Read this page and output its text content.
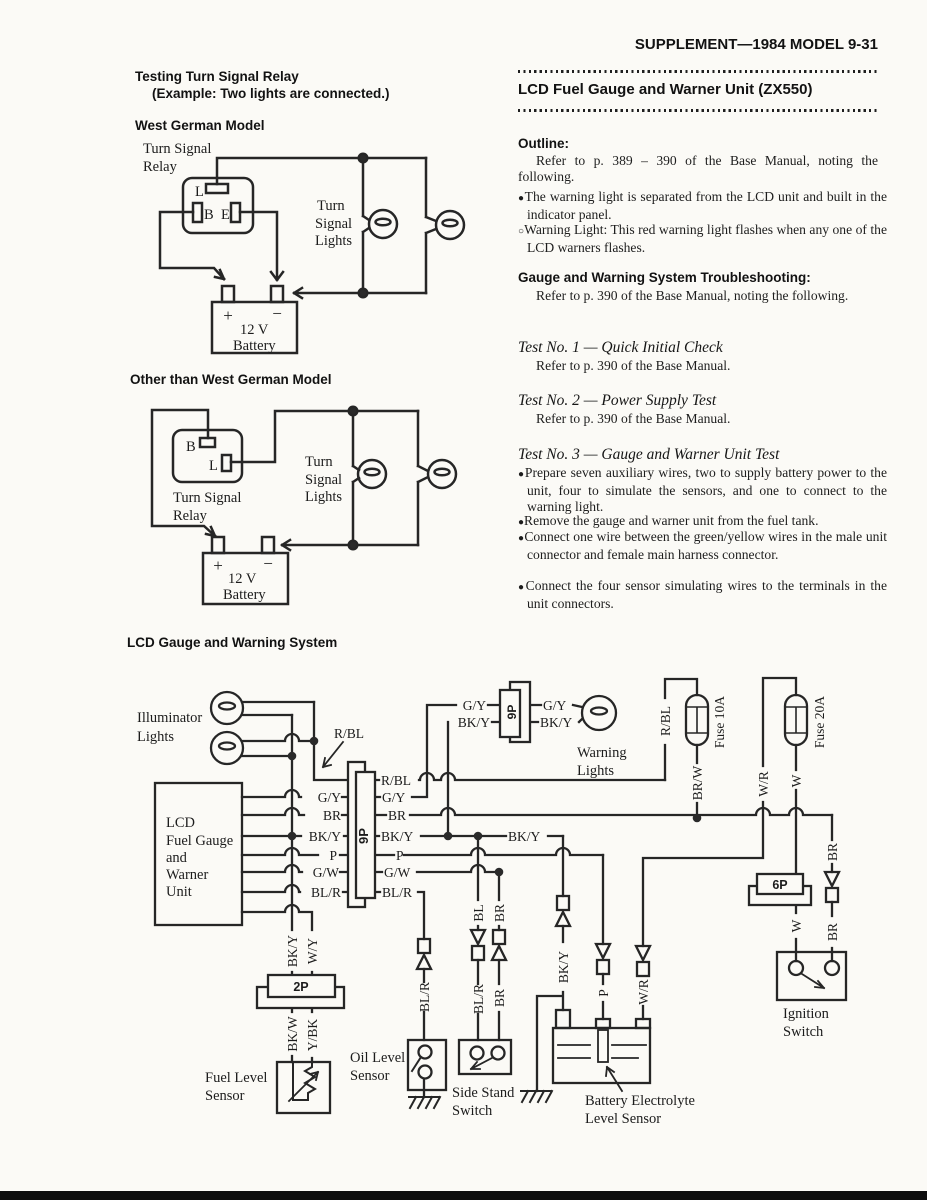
SUPPLEMENT—1984 MODEL 9-31
LCD Fuel Gauge and Warner Unit (ZX550)
Outline:
Refer to p. 389 – 390 of the Base Manual, noting the following.
●The warning light is separated from the LCD unit and built in the indicator panel.
○Warning Light: This red warning light flashes when any one of the LCD warners flashes.
Gauge and Warning System Troubleshooting:
Refer to p. 390 of the Base Manual, noting the following.
Test No. 1 — Quick Initial Check
Refer to p. 390 of the Base Manual.
Test No. 2 — Power Supply Test
Refer to p. 390 of the Base Manual.
Test No. 3 — Gauge and Warner Unit Test
●Prepare seven auxiliary wires, two to supply battery power to the unit, four to simulate the sensors, and one to connect to the warning light.
●Remove the gauge and warner unit from the fuel tank.
●Connect one wire between the green/yellow wires in the male unit connector and female main harness connector.
●Connect the four sensor simulating wires to the terminals in the unit connectors.
Testing Turn Signal Relay
(Example: Two lights are connected.)
West German Model
Other than West German Model
LCD Gauge and Warning System
Turn Signal
Relay
L
B E
Turn
Signal
Lights
+ −
12 V
Battery
B
L
Turn Signal
Relay
Turn
Signal
Lights
+ −
12 V
Battery
Illuminator
Lights	R/BL
LCD
Fuel Gauge
and
Warner
Unit
G/Y
BR
BK/Y
P
G/W
BL/R
R/BL
G/Y
BR
BK/Y
P
G/W
BL/R
BK/Y
G/Y
BK/Y
G/Y
BK/Y
Warning
Lights
Fuel Level
Sensor
Oil Level
Sensor
Side Stand
Switch
Battery Electrolyte
Level Sensor
Ignition
Switch
2P
6P
9P
9P	Fuse 10A	Fuse 20A
R/BL
BR/W	W/R W
W
BR
BR
BK/Y W/Y
BK/W Y/BK
BL
BL/R
BR
BR
BL/R
BK/Y
P W/R
